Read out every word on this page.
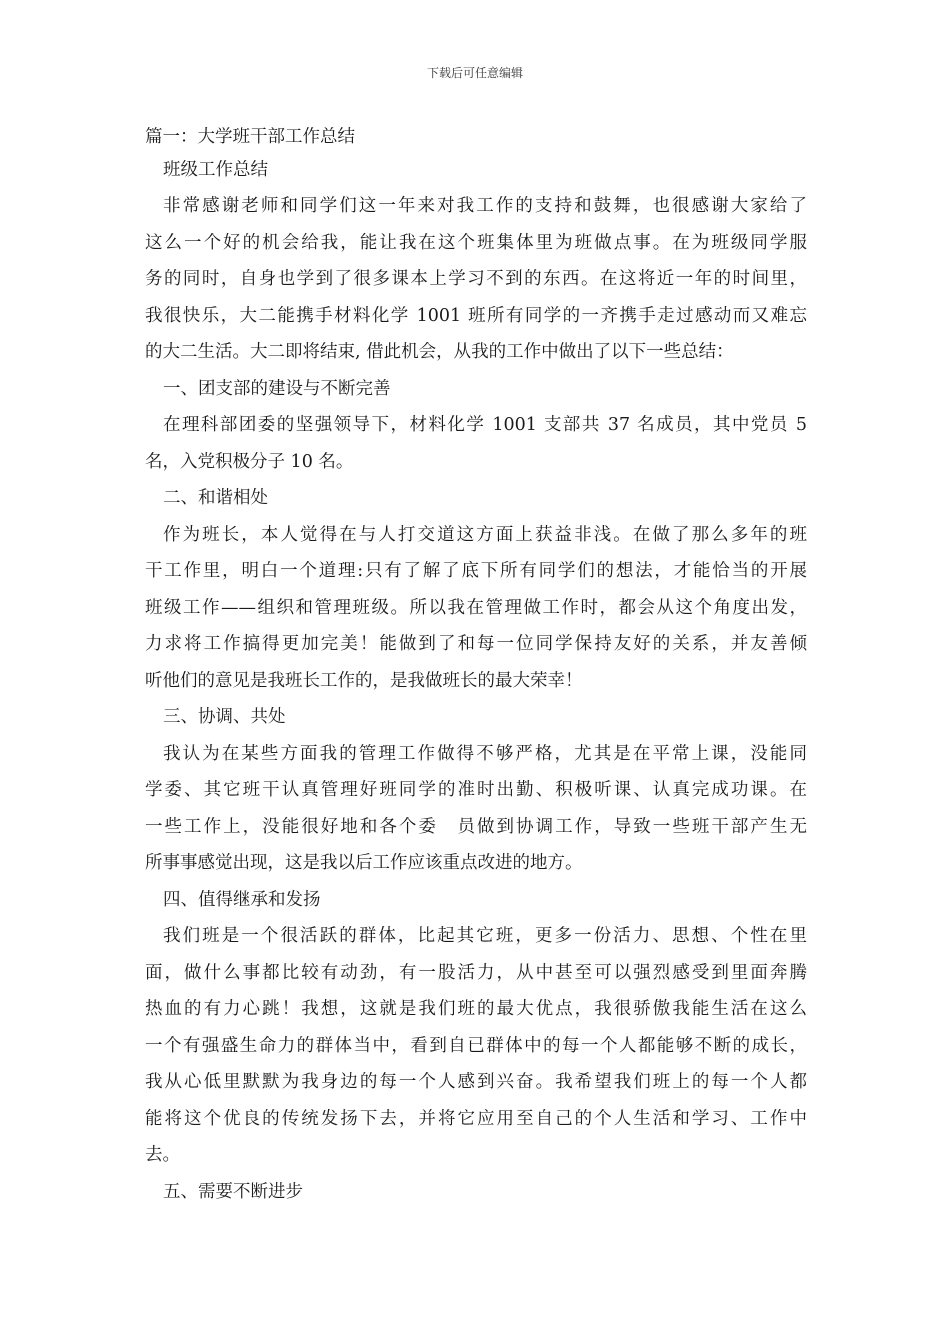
下载后可任意编辑
篇一：大学班干部工作总结
班级工作总结
非常感谢老师和同学们这一年来对我工作的支持和鼓舞，也很感谢大家给了
这么一个好的机会给我，能让我在这个班集体里为班做点事。在为班级同学服
务的同时，自身也学到了很多课本上学习不到的东西。在这将近一年的时间里，
我很快乐，大二能携手材料化学 1001 班所有同学的一齐携手走过感动而又难忘
的大二生活。大二即将结束, 借此机会，从我的工作中做出了以下一些总结：
一、团支部的建设与不断完善
在理科部团委的坚强领导下，材料化学 1001 支部共 37 名成员，其中党员 5
名，入党积极分子 10 名。
二、和谐相处
作为班长，本人觉得在与人打交道这方面上获益非浅。在做了那么多年的班
干工作里，明白一个道理:只有了解了底下所有同学们的想法，才能恰当的开展
班级工作——组织和管理班级。所以我在管理做工作时，都会从这个角度出发，
力求将工作搞得更加完美！能做到了和每一位同学保持友好的关系，并友善倾
听他们的意见是我班长工作的，是我做班长的最大荣幸！
三、协调、共处
我认为在某些方面我的管理工作做得不够严格，尤其是在平常上课，没能同
学委、其它班干认真管理好班同学的准时出勤、积极听课、认真完成功课。在
一些工作上，没能很好地和各个委　员做到协调工作，导致一些班干部产生无
所事事感觉出现，这是我以后工作应该重点改进的地方。
四、值得继承和发扬
我们班是一个很活跃的群体，比起其它班，更多一份活力、思想、个性在里
面，做什么事都比较有动劲，有一股活力，从中甚至可以强烈感受到里面奔腾
热血的有力心跳！我想，这就是我们班的最大优点，我很骄傲我能生活在这么
一个有强盛生命力的群体当中，看到自已群体中的每一个人都能够不断的成长，
我从心低里默默为我身边的每一个人感到兴奋。我希望我们班上的每一个人都
能将这个优良的传统发扬下去，并将它应用至自己的个人生活和学习、工作中
去。
五、需要不断进步
